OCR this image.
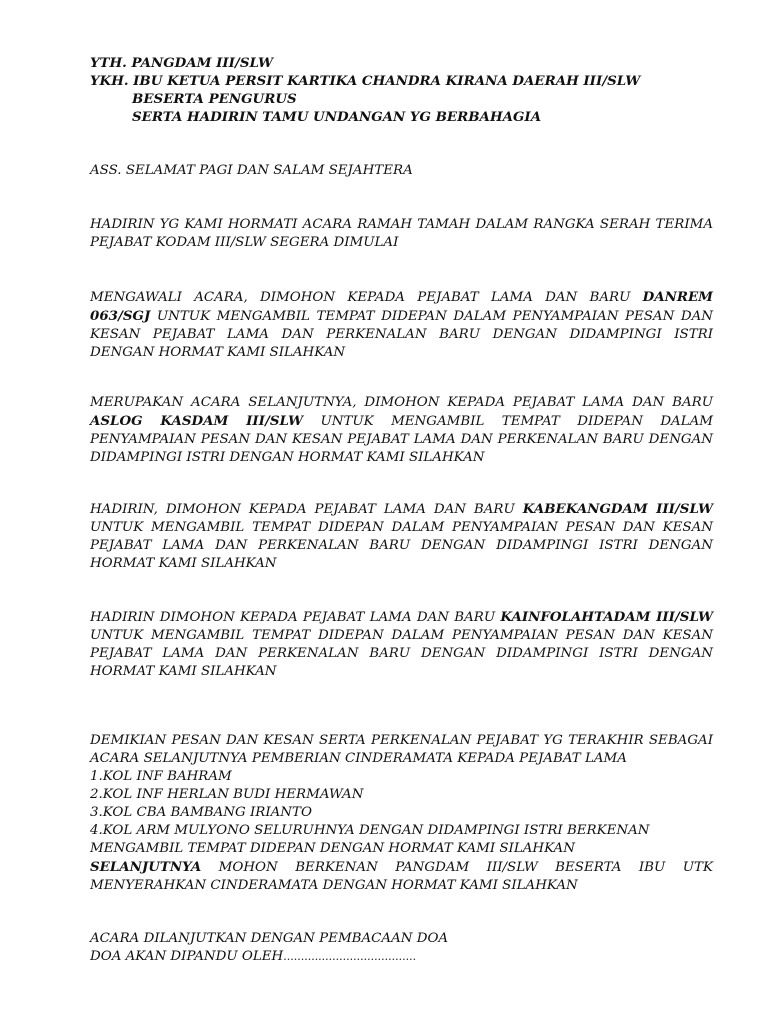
YTH. PANGDAM III/SLW
YKH. IBU KETUA PERSIT KARTIKA CHANDRA KIRANA DAERAH III/SLW
BESERTA PENGURUS
SERTA HADIRIN TAMU UNDANGAN YG BERBAHAGIA
ASS. SELAMAT PAGI DAN SALAM SEJAHTERA
HADIRIN YG KAMI HORMATI ACARA RAMAH TAMAH DALAM RANGKA SERAH TERIMA PEJABAT KODAM III/SLW SEGERA DIMULAI
MENGAWALI ACARA, DIMOHON KEPADA PEJABAT LAMA DAN BARU DANREM 063/SGJ UNTUK MENGAMBIL TEMPAT DIDEPAN DALAM PENYAMPAIAN PESAN DAN KESAN PEJABAT LAMA DAN PERKENALAN BARU DENGAN DIDAMPINGI ISTRI DENGAN HORMAT KAMI SILAHKAN
MERUPAKAN ACARA SELANJUTNYA, DIMOHON KEPADA PEJABAT LAMA DAN BARU ASLOG KASDAM III/SLW UNTUK MENGAMBIL TEMPAT DIDEPAN DALAM PENYAMPAIAN PESAN DAN KESAN PEJABAT LAMA DAN PERKENALAN BARU DENGAN DIDAMPINGI ISTRI DENGAN HORMAT KAMI SILAHKAN
HADIRIN, DIMOHON KEPADA PEJABAT LAMA DAN BARU KABEKANGDAM III/SLW UNTUK MENGAMBIL TEMPAT DIDEPAN DALAM PENYAMPAIAN PESAN DAN KESAN PEJABAT LAMA DAN PERKENALAN BARU DENGAN DIDAMPINGI ISTRI DENGAN HORMAT KAMI SILAHKAN
HADIRIN DIMOHON KEPADA PEJABAT LAMA DAN BARU KAINFOLAHTADAM III/SLW UNTUK MENGAMBIL TEMPAT DIDEPAN DALAM PENYAMPAIAN PESAN DAN KESAN PEJABAT LAMA DAN PERKENALAN BARU DENGAN DIDAMPINGI ISTRI DENGAN HORMAT KAMI SILAHKAN
DEMIKIAN PESAN DAN KESAN SERTA PERKENALAN PEJABAT YG TERAKHIR SEBAGAI ACARA SELANJUTNYA PEMBERIAN CINDERAMATA KEPADA PEJABAT LAMA
1.KOL INF BAHRAM
2.KOL INF HERLAN BUDI HERMAWAN
3.KOL CBA BAMBANG IRIANTO
4.KOL ARM MULYONO SELURUHNYA DENGAN DIDAMPINGI ISTRI BERKENAN MENGAMBIL TEMPAT DIDEPAN DENGAN HORMAT KAMI SILAHKAN
SELANJUTNYA MOHON BERKENAN PANGDAM III/SLW BESERTA IBU UTK MENYERAHKAN CINDERAMATA DENGAN HORMAT KAMI SILAHKAN
ACARA DILANJUTKAN DENGAN PEMBACAAN DOA
DOA AKAN DIPANDU OLEH......................................
